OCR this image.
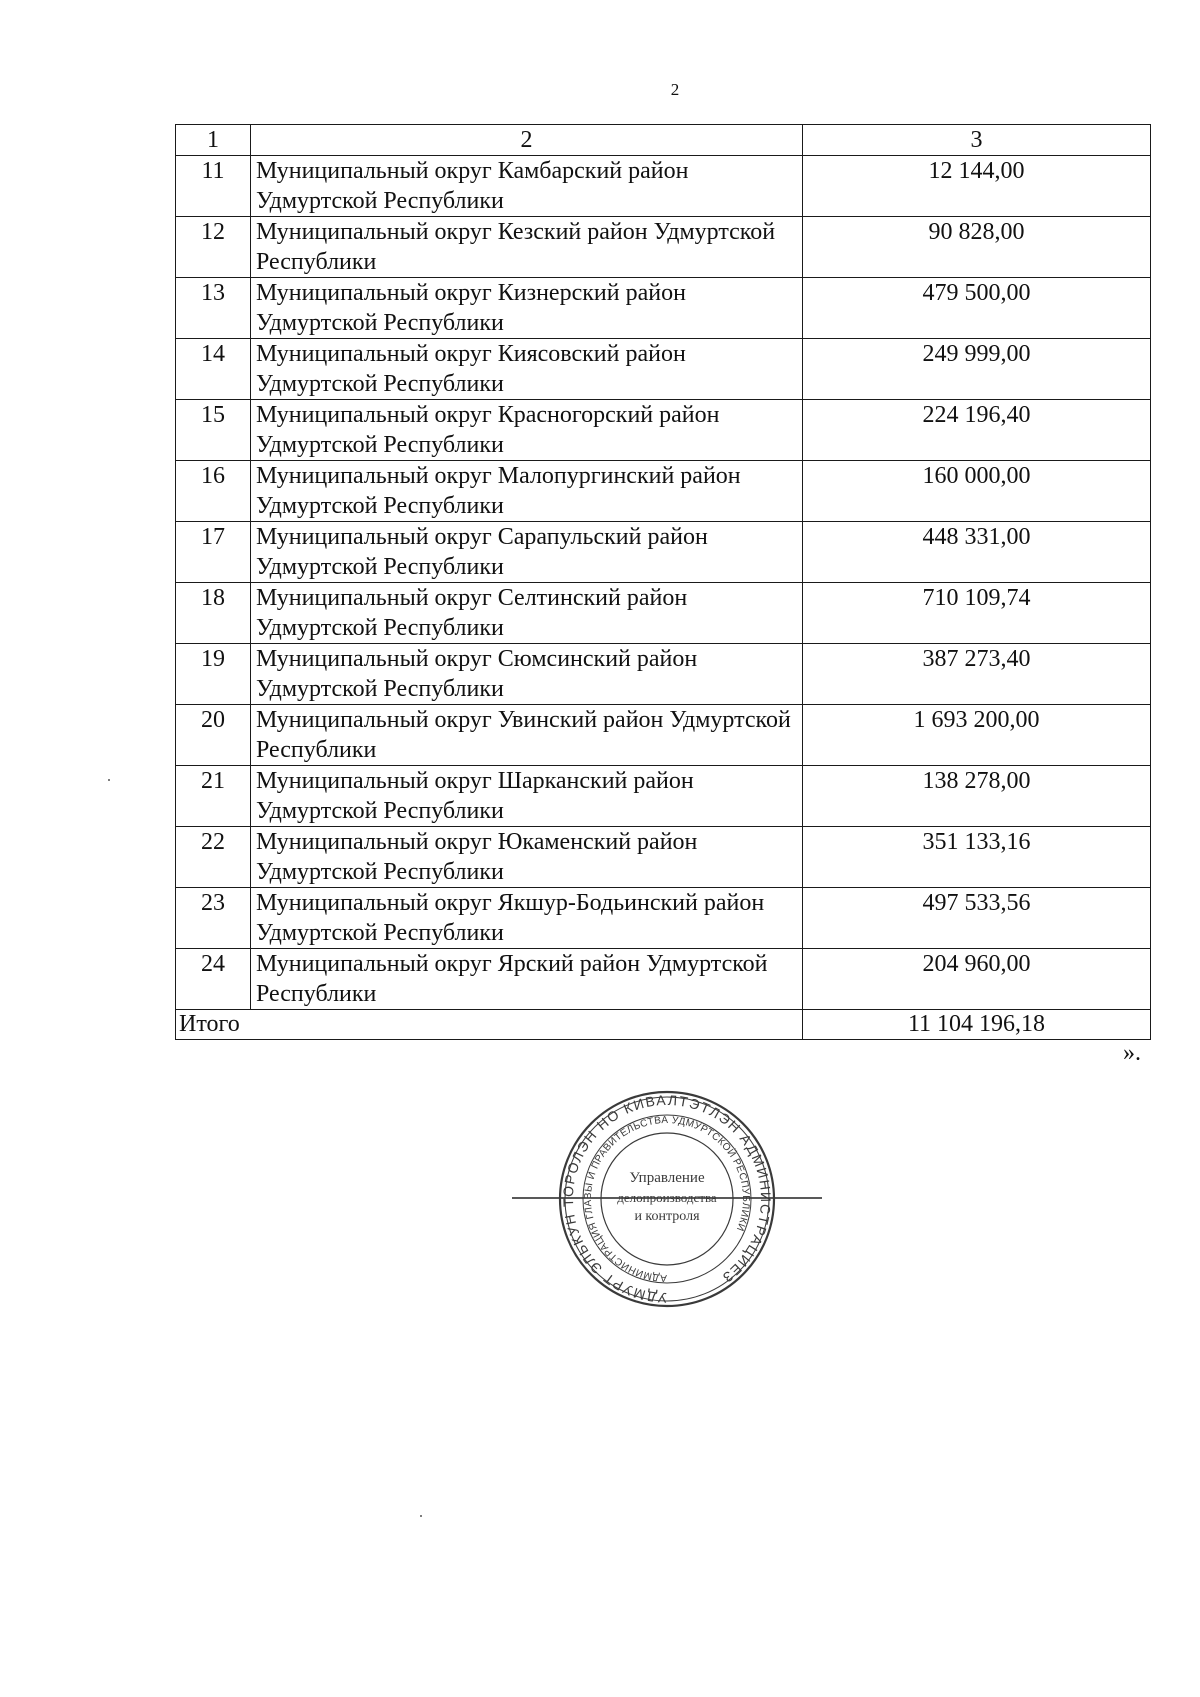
2
1	2	3
11	Муниципальный округ Камбарский район Удмуртской Республики	12 144,00
12	Муниципальный округ Кезский район Удмуртской Республики	90 828,00
13	Муниципальный округ Кизнерский район Удмуртской Республики	479 500,00
14	Муниципальный округ Киясовский район Удмуртской Республики	249 999,00
15	Муниципальный округ Красногорский район Удмуртской Республики	224 196,40
16	Муниципальный округ Малопургинский район Удмуртской Республики	160 000,00
17	Муниципальный округ Сарапульский район Удмуртской Республики	448 331,00
18	Муниципальный округ Селтинский район Удмуртской Республики	710 109,74
19	Муниципальный округ Сюмсинский район Удмуртской Республики	387 273,40
20	Муниципальный округ Увинский район Удмуртской Республики	1 693 200,00
21	Муниципальный округ Шарканский район Удмуртской Республики	138 278,00
22	Муниципальный округ Юкаменский район Удмуртской Республики	351 133,16
23	Муниципальный округ Якшур-Бодьинский район Удмуртской Республики	497 533,56
24	Муниципальный округ Ярский район Удмуртской Республики	204 960,00
Итого		11 104 196,18
».
УДМУРТ ЭЛЬКУН ТОРОЛЭН НО КИВАЛТЭТЛЭН АДМИНИСТРАЦИЕЗ
АДМИНИСТРАЦИЯ ГЛАВЫ И ПРАВИТЕЛЬСТВА УДМУРТСКОЙ РЕСПУБЛИКИ
Управление
делопроизводства
и контроля
